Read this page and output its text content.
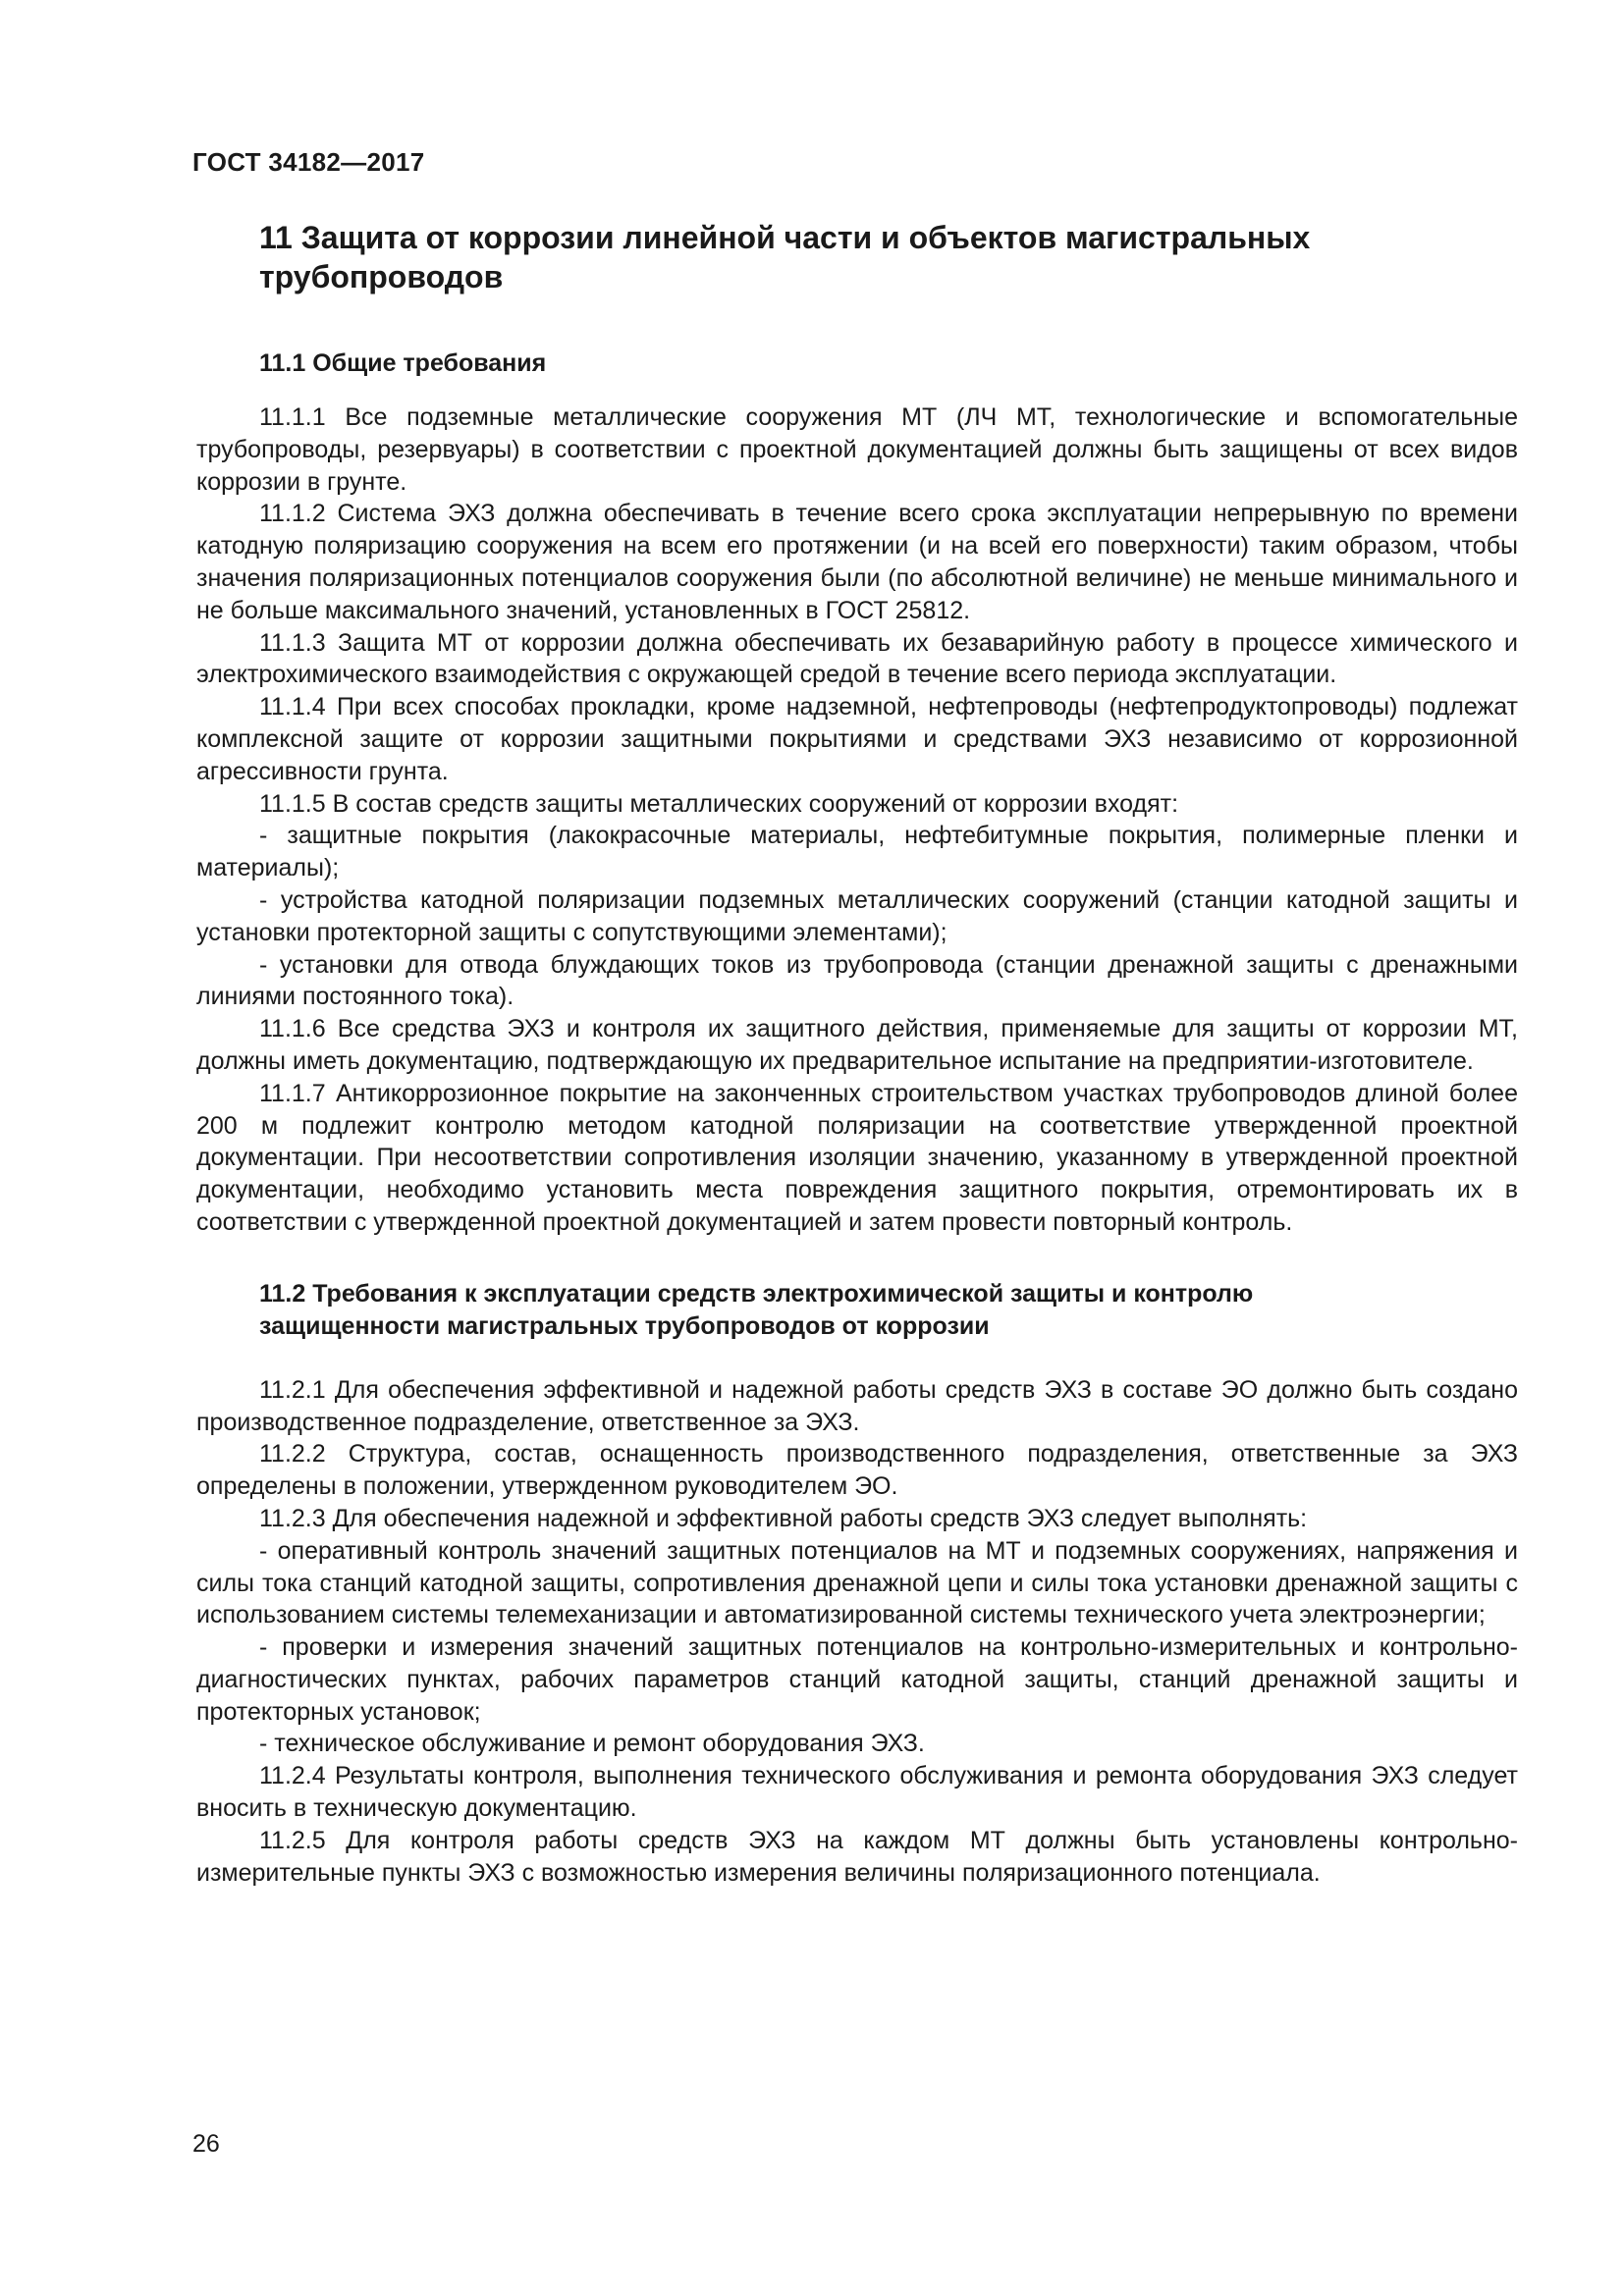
ГОСТ 34182—2017
11 Защита от коррозии линейной части и объектов магистральных трубопроводов
11.1 Общие требования

11.1.1 Все подземные металлические сооружения МТ (ЛЧ МТ, технологические и вспомогательные трубопроводы, резервуары) в соответствии с проектной документацией должны быть защищены от всех видов коррозии в грунте.

11.1.2 Система ЭХЗ должна обеспечивать в течение всего срока эксплуатации непрерывную по времени катодную поляризацию сооружения на всем его протяжении (и на всей его поверхности) таким образом, чтобы значения поляризационных потенциалов сооружения были (по абсолютной величине) не меньше минимального и не больше максимального значений, установленных в ГОСТ 25812.

11.1.3 Защита МТ от коррозии должна обеспечивать их безаварийную работу в процессе химического и электрохимического взаимодействия с окружающей средой в течение всего периода эксплуатации.

11.1.4 При всех способах прокладки, кроме надземной, нефтепроводы (нефтепродуктопроводы) подлежат комплексной защите от коррозии защитными покрытиями и средствами ЭХЗ независимо от коррозионной агрессивности грунта.

11.1.5 В состав средств защиты металлических сооружений от коррозии входят:

- защитные покрытия (лакокрасочные материалы, нефтебитумные покрытия, полимерные пленки и материалы);

- устройства катодной поляризации подземных металлических сооружений (станции катодной защиты и установки протекторной защиты с сопутствующими элементами);

- установки для отвода блуждающих токов из трубопровода (станции дренажной защиты с дренажными линиями постоянного тока).

11.1.6 Все средства ЭХЗ и контроля их защитного действия, применяемые для защиты от коррозии МТ, должны иметь документацию, подтверждающую их предварительное испытание на предприятии-изготовителе.

11.1.7 Антикоррозионное покрытие на законченных строительством участках трубопроводов длиной более 200 м подлежит контролю методом катодной поляризации на соответствие утвержденной проектной документации. При несоответствии сопротивления изоляции значению, указанному в утвержденной проектной документации, необходимо установить места повреждения защитного покрытия, отремонтировать их в соответствии с утвержденной проектной документацией и затем провести повторный контроль.

11.2 Требования к эксплуатации средств электрохимической защиты и контролю защищенности магистральных трубопроводов от коррозии

11.2.1 Для обеспечения эффективной и надежной работы средств ЭХЗ в составе ЭО должно быть создано производственное подразделение, ответственное за ЭХЗ.

11.2.2 Структура, состав, оснащенность производственного подразделения, ответственные за ЭХЗ определены в положении, утвержденном руководителем ЭО.

11.2.3 Для обеспечения надежной и эффективной работы средств ЭХЗ следует выполнять:

- оперативный контроль значений защитных потенциалов на МТ и подземных сооружениях, напряжения и силы тока станций катодной защиты, сопротивления дренажной цепи и силы тока установки дренажной защиты с использованием системы телемеханизации и автоматизированной системы технического учета электроэнергии;

- проверки и измерения значений защитных потенциалов на контрольно-измерительных и контрольно-диагностических пунктах, рабочих параметров станций катодной защиты, станций дренажной защиты и протекторных установок;

- техническое обслуживание и ремонт оборудования ЭХЗ.

11.2.4 Результаты контроля, выполнения технического обслуживания и ремонта оборудования ЭХЗ следует вносить в техническую документацию.

11.2.5 Для контроля работы средств ЭХЗ на каждом МТ должны быть установлены контрольно-измерительные пункты ЭХЗ с возможностью измерения величины поляризационного потенциала.

26
